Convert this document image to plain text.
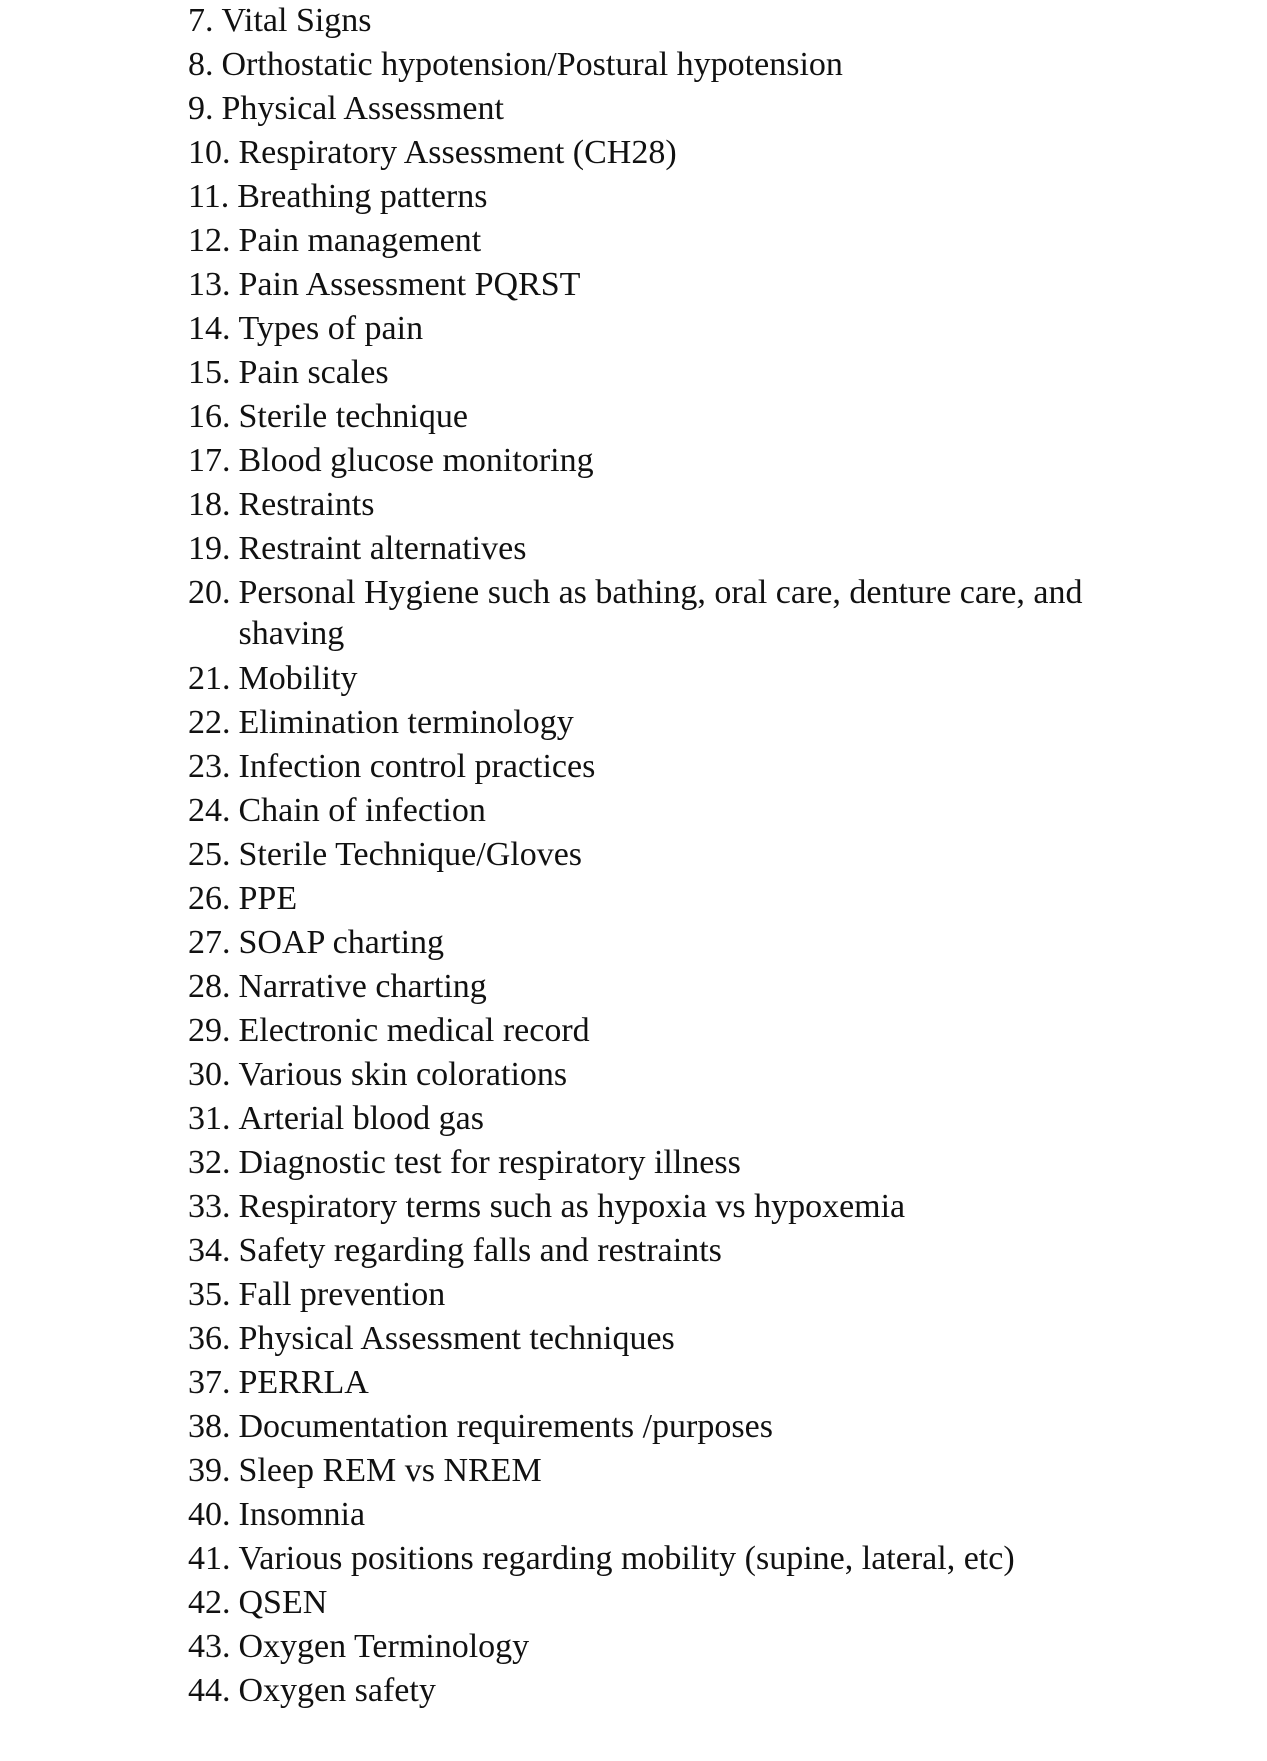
7. Vital Signs
8. Orthostatic hypotension/Postural hypotension
9. Physical Assessment
10. Respiratory Assessment (CH28)
11. Breathing patterns
12. Pain management
13. Pain Assessment PQRST
14. Types of pain
15. Pain scales
16. Sterile technique
17. Blood glucose monitoring
18. Restraints
19. Restraint alternatives
20. Personal Hygiene such as bathing, oral care, denture care, and shaving
21. Mobility
22. Elimination terminology
23. Infection control practices
24. Chain of infection
25. Sterile Technique/Gloves
26. PPE
27. SOAP charting
28. Narrative charting
29. Electronic medical record
30. Various skin colorations
31. Arterial blood gas
32. Diagnostic test for respiratory illness
33. Respiratory terms such as hypoxia vs hypoxemia
34. Safety regarding falls and restraints
35. Fall prevention
36. Physical Assessment techniques
37. PERRLA
38. Documentation requirements /purposes
39. Sleep REM vs NREM
40. Insomnia
41. Various positions regarding mobility (supine, lateral, etc)
42. QSEN
43. Oxygen Terminology
44. Oxygen safety
